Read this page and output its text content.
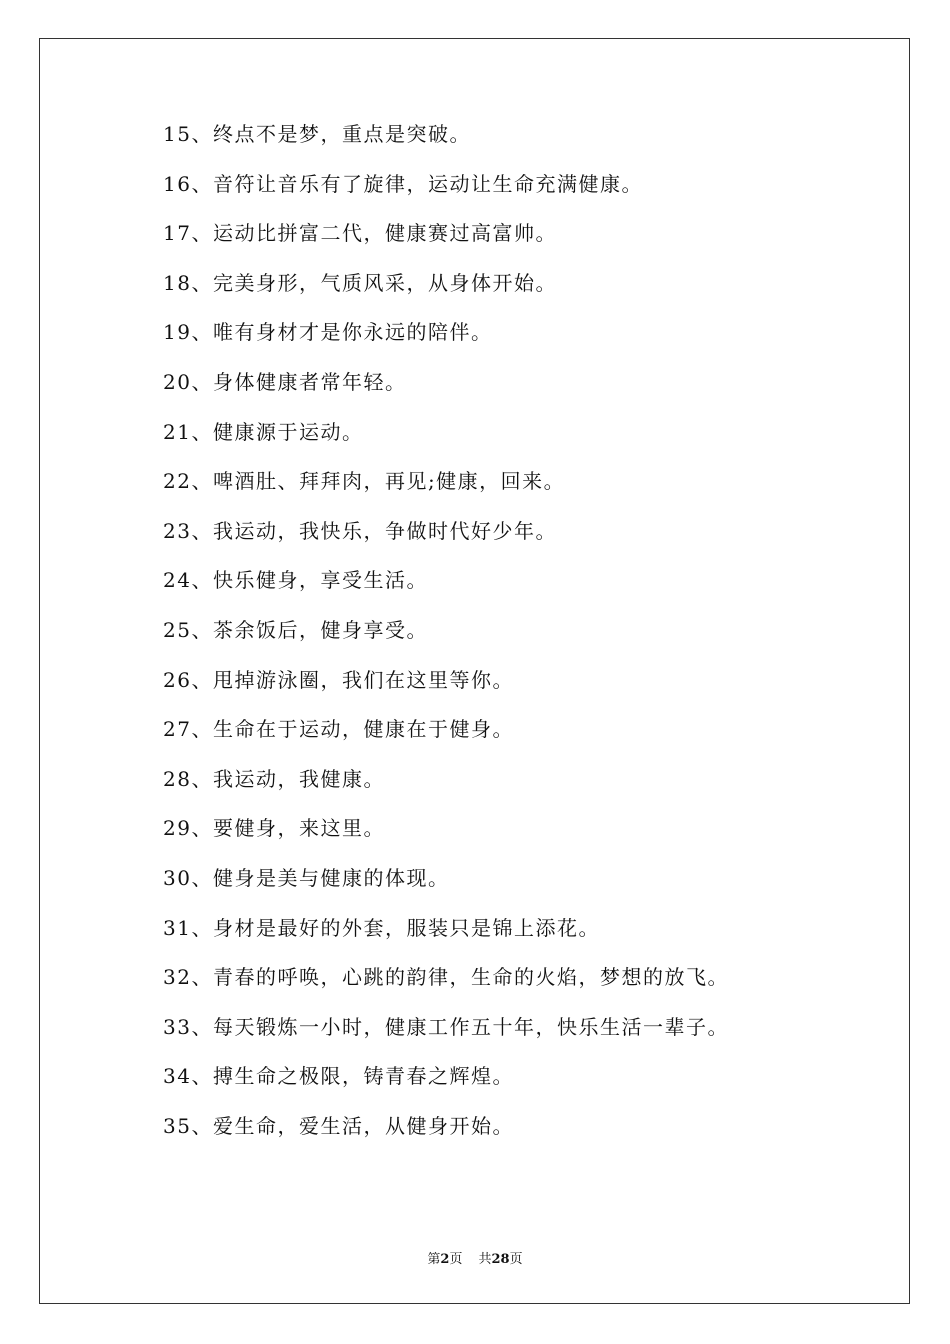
15、终点不是梦，重点是突破。
16、音符让音乐有了旋律，运动让生命充满健康。
17、运动比拼富二代，健康赛过高富帅。
18、完美身形，气质风采，从身体开始。
19、唯有身材才是你永远的陪伴。
20、身体健康者常年轻。
21、健康源于运动。
22、啤酒肚、拜拜肉，再见;健康，回来。
23、我运动，我快乐，争做时代好少年。
24、快乐健身，享受生活。
25、茶余饭后，健身享受。
26、甩掉游泳圈，我们在这里等你。
27、生命在于运动，健康在于健身。
28、我运动，我健康。
29、要健身，来这里。
30、健身是美与健康的体现。
31、身材是最好的外套，服装只是锦上添花。
32、青春的呼唤，心跳的韵律，生命的火焰，梦想的放飞。
33、每天锻炼一小时，健康工作五十年，快乐生活一辈子。
34、搏生命之极限，铸青春之辉煌。
35、爱生命，爱生活，从健身开始。
第2页 共28页
